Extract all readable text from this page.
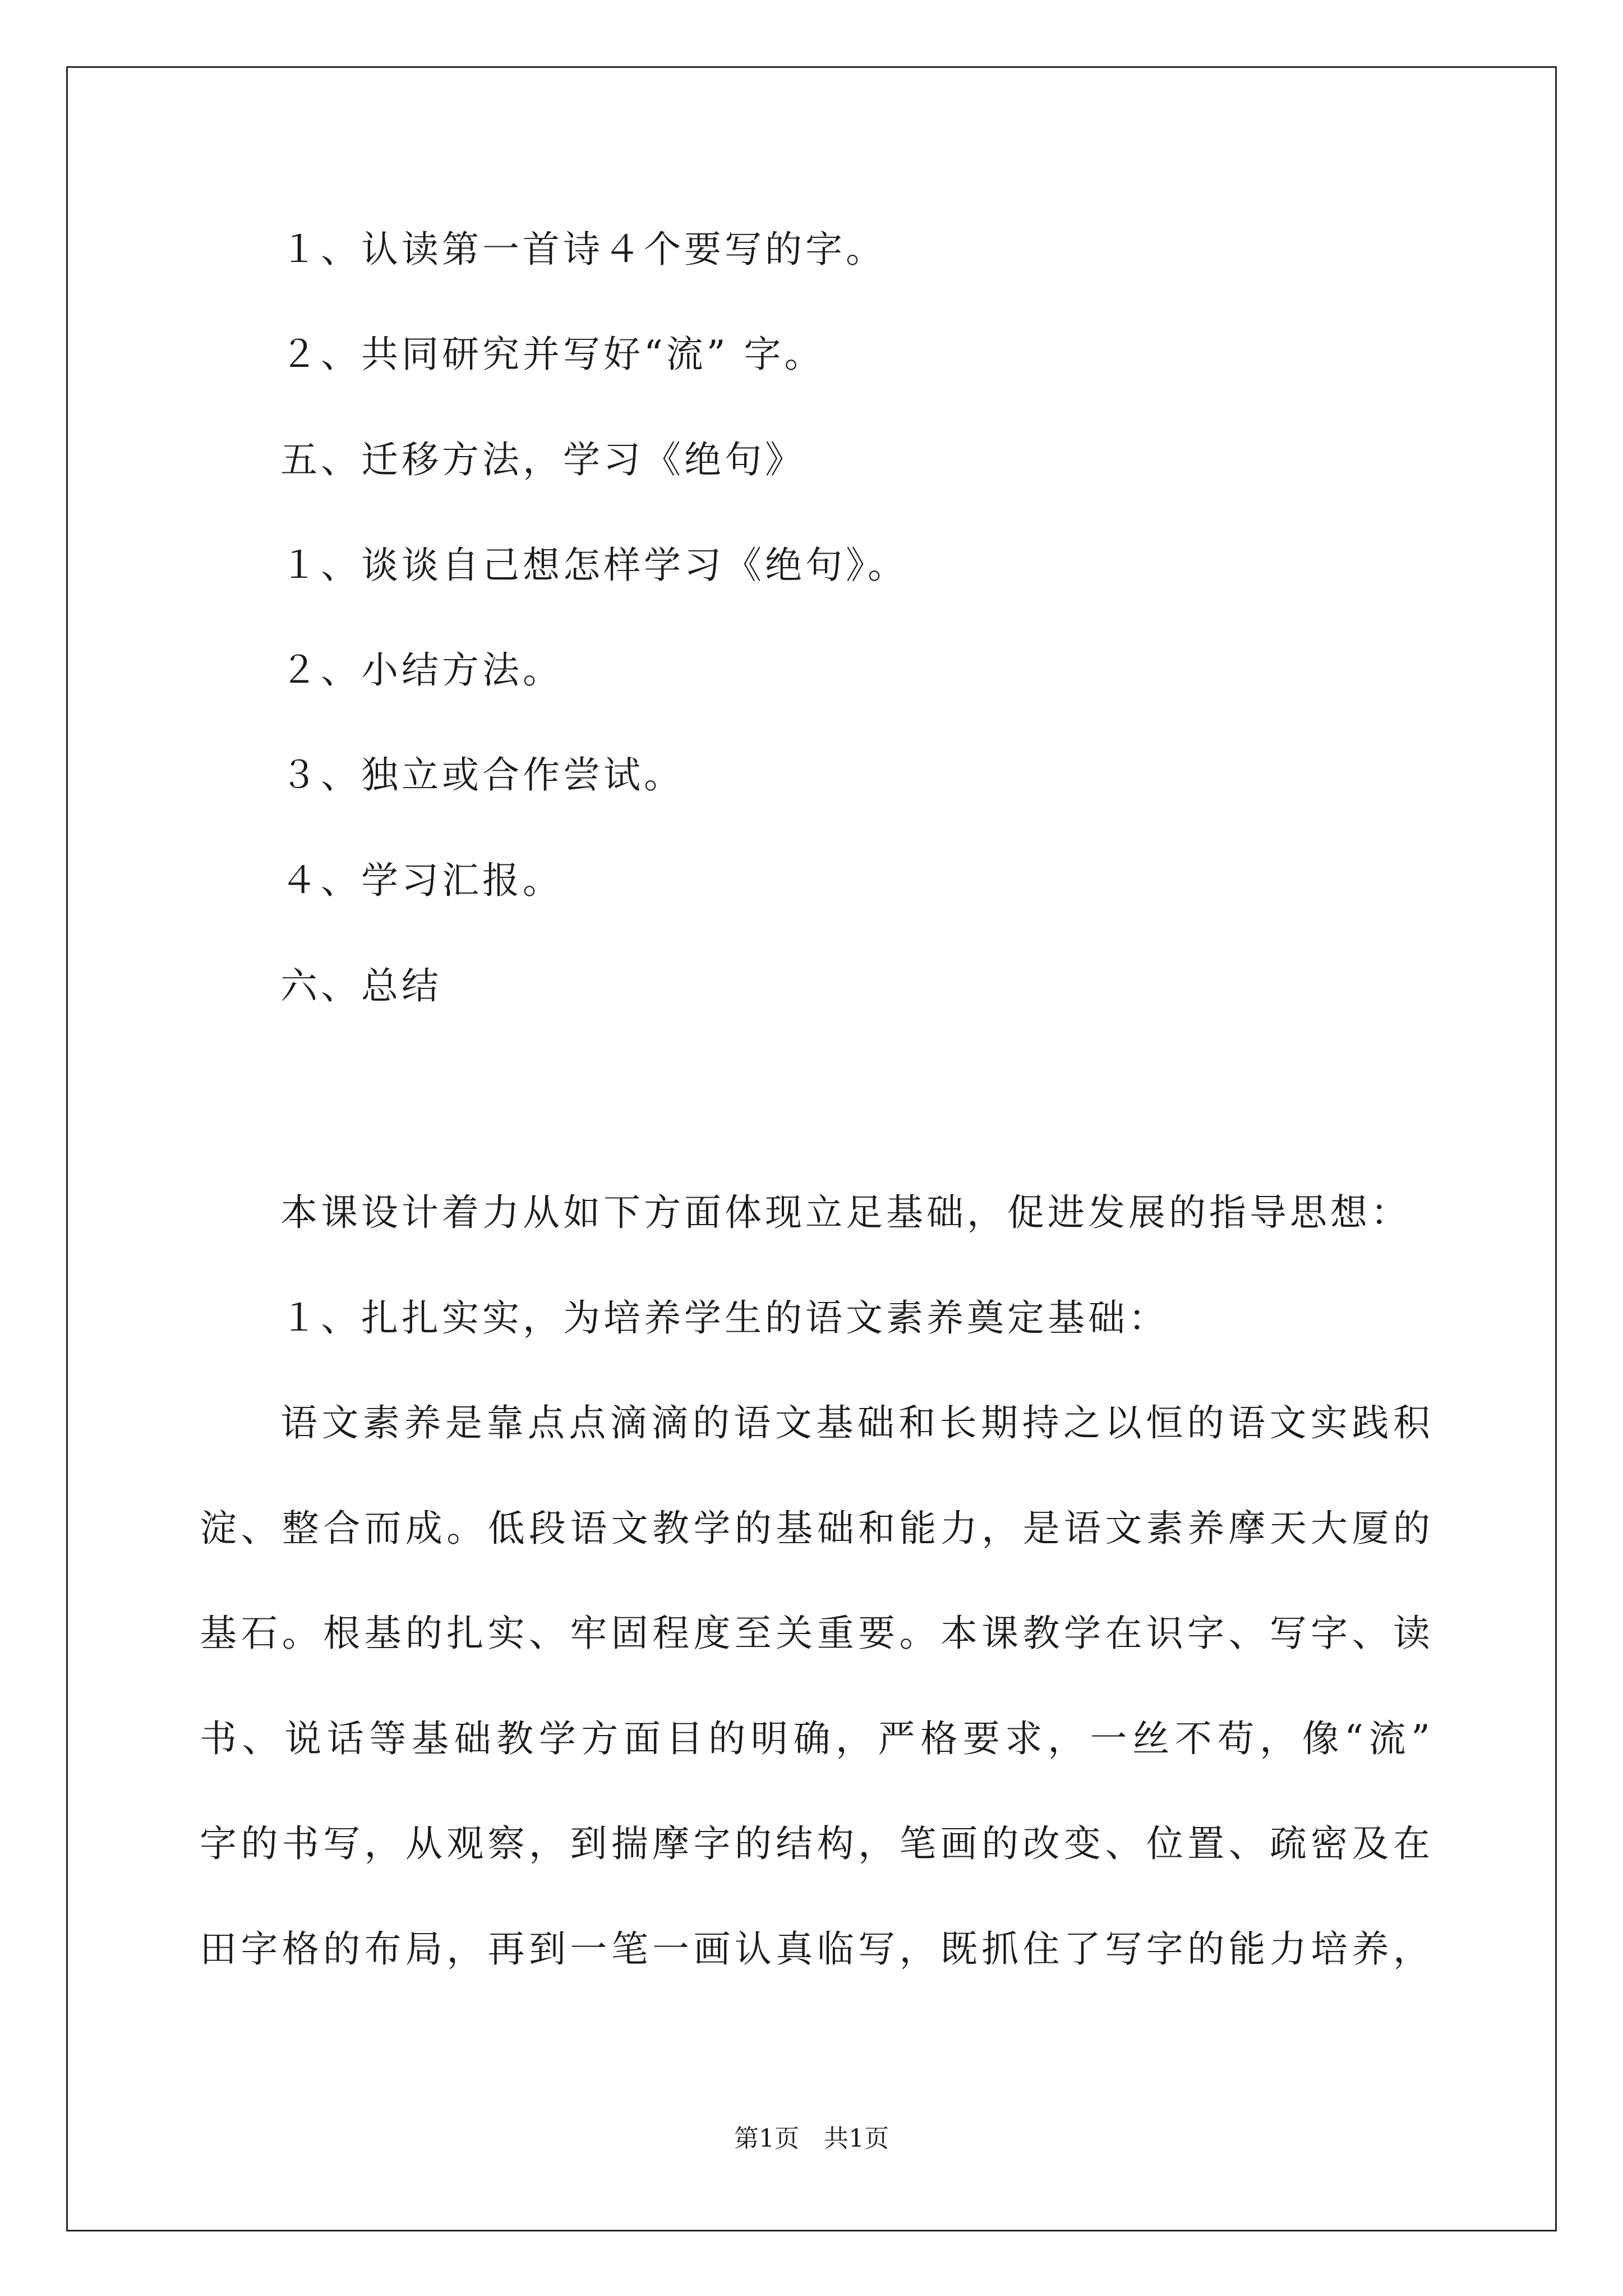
１、认读第一首诗４个要写的字。
２、共同研究并写好“流” 字。
五、迁移方法，学习《绝句》
１、谈谈自己想怎样学习《绝句》。
２、小结方法。
３、独立或合作尝试。
４、学习汇报。
六、总结
本课设计着力从如下方面体现立足基础，促进发展的指导思想：
１、扎扎实实，为培养学生的语文素养奠定基础：
语文素养是靠点点滴滴的语文基础和长期持之以恒的语文实践积
淀、整合而成。低段语文教学的基础和能力，是语文素养摩天大厦的
基石。根基的扎实、牢固程度至关重要。本课教学在识字、写字、读
书、说话等基础教学方面目的明确，严格要求，一丝不苟，像“流”
字的书写，从观察，到揣摩字的结构，笔画的改变、位置、疏密及在
田字格的布局，再到一笔一画认真临写，既抓住了写字的能力培养，
第1页　共1页
